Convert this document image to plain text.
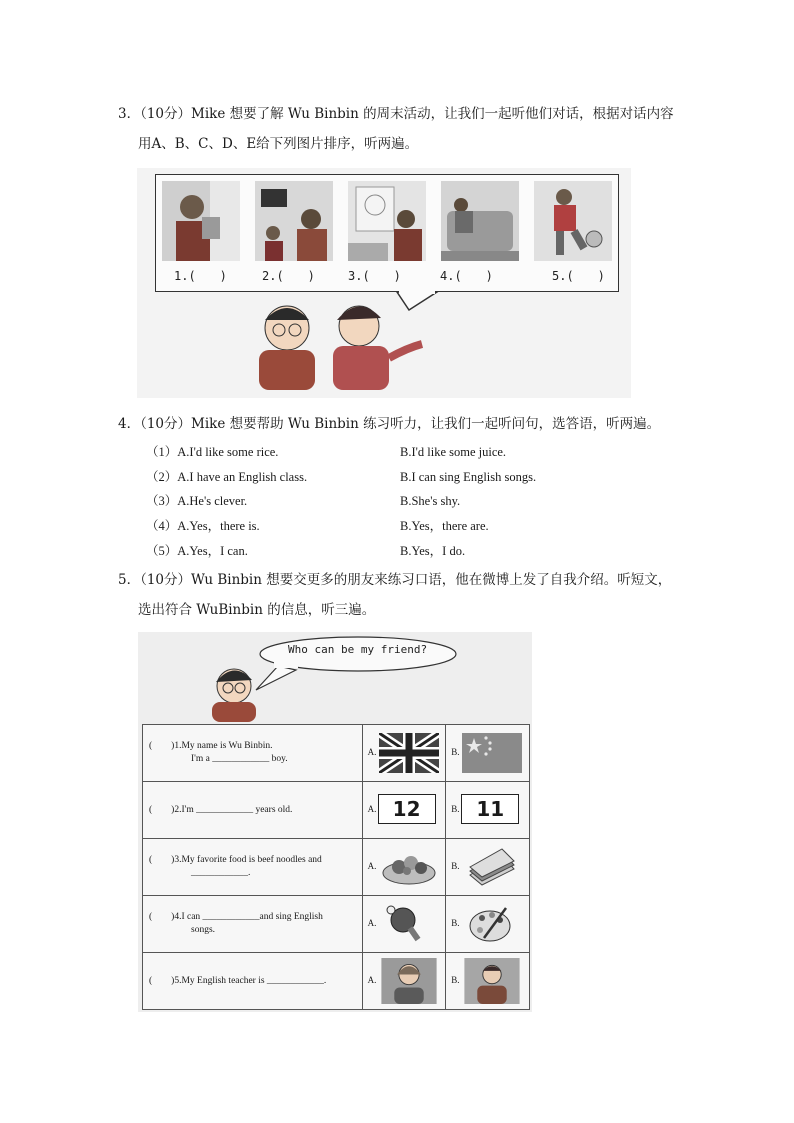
3．（10分）Mike 想要了解 Wu Binbin 的周末活动，让我们一起听他们对话，根据对话内容
用A、B、C、D、E给下列图片排序，听两遍。
1.(　　)	2.(　　)	3.(　　)	4.(　　)	5.(　　)
4．（10分）Mike 想要帮助 Wu Binbin 练习听力，让我们一起听问句，选答语，听两遍。
（1）A.I'd like some rice.	B.I'd like some juice.
（2）A.I have an English class.	B.I can sing English songs.
（3）A.He's clever.	B.She's shy.
（4）A.Yes，there is.	B.Yes，there are.
（5）A.Yes，I can.	B.Yes，I do.
5．（10分）Wu Binbin 想要交更多的朋友来练习口语，他在微博上发了自我介绍。听短文，
选出符合 WuBinbin 的信息，听三遍。
Who can be my friend?
(　　)1.My name is Wu Binbin.
I'm a ____________ boy.	A.	B.

(　　)2.I'm ____________ years old.	A. 12	B. 11

(　　)3.My favorite food is beef noodles and
____________.	A.	B.

(　　)4.I can ____________and sing English
songs.	A.	B.

(　　)5.My English teacher is ____________.	A.	B.
